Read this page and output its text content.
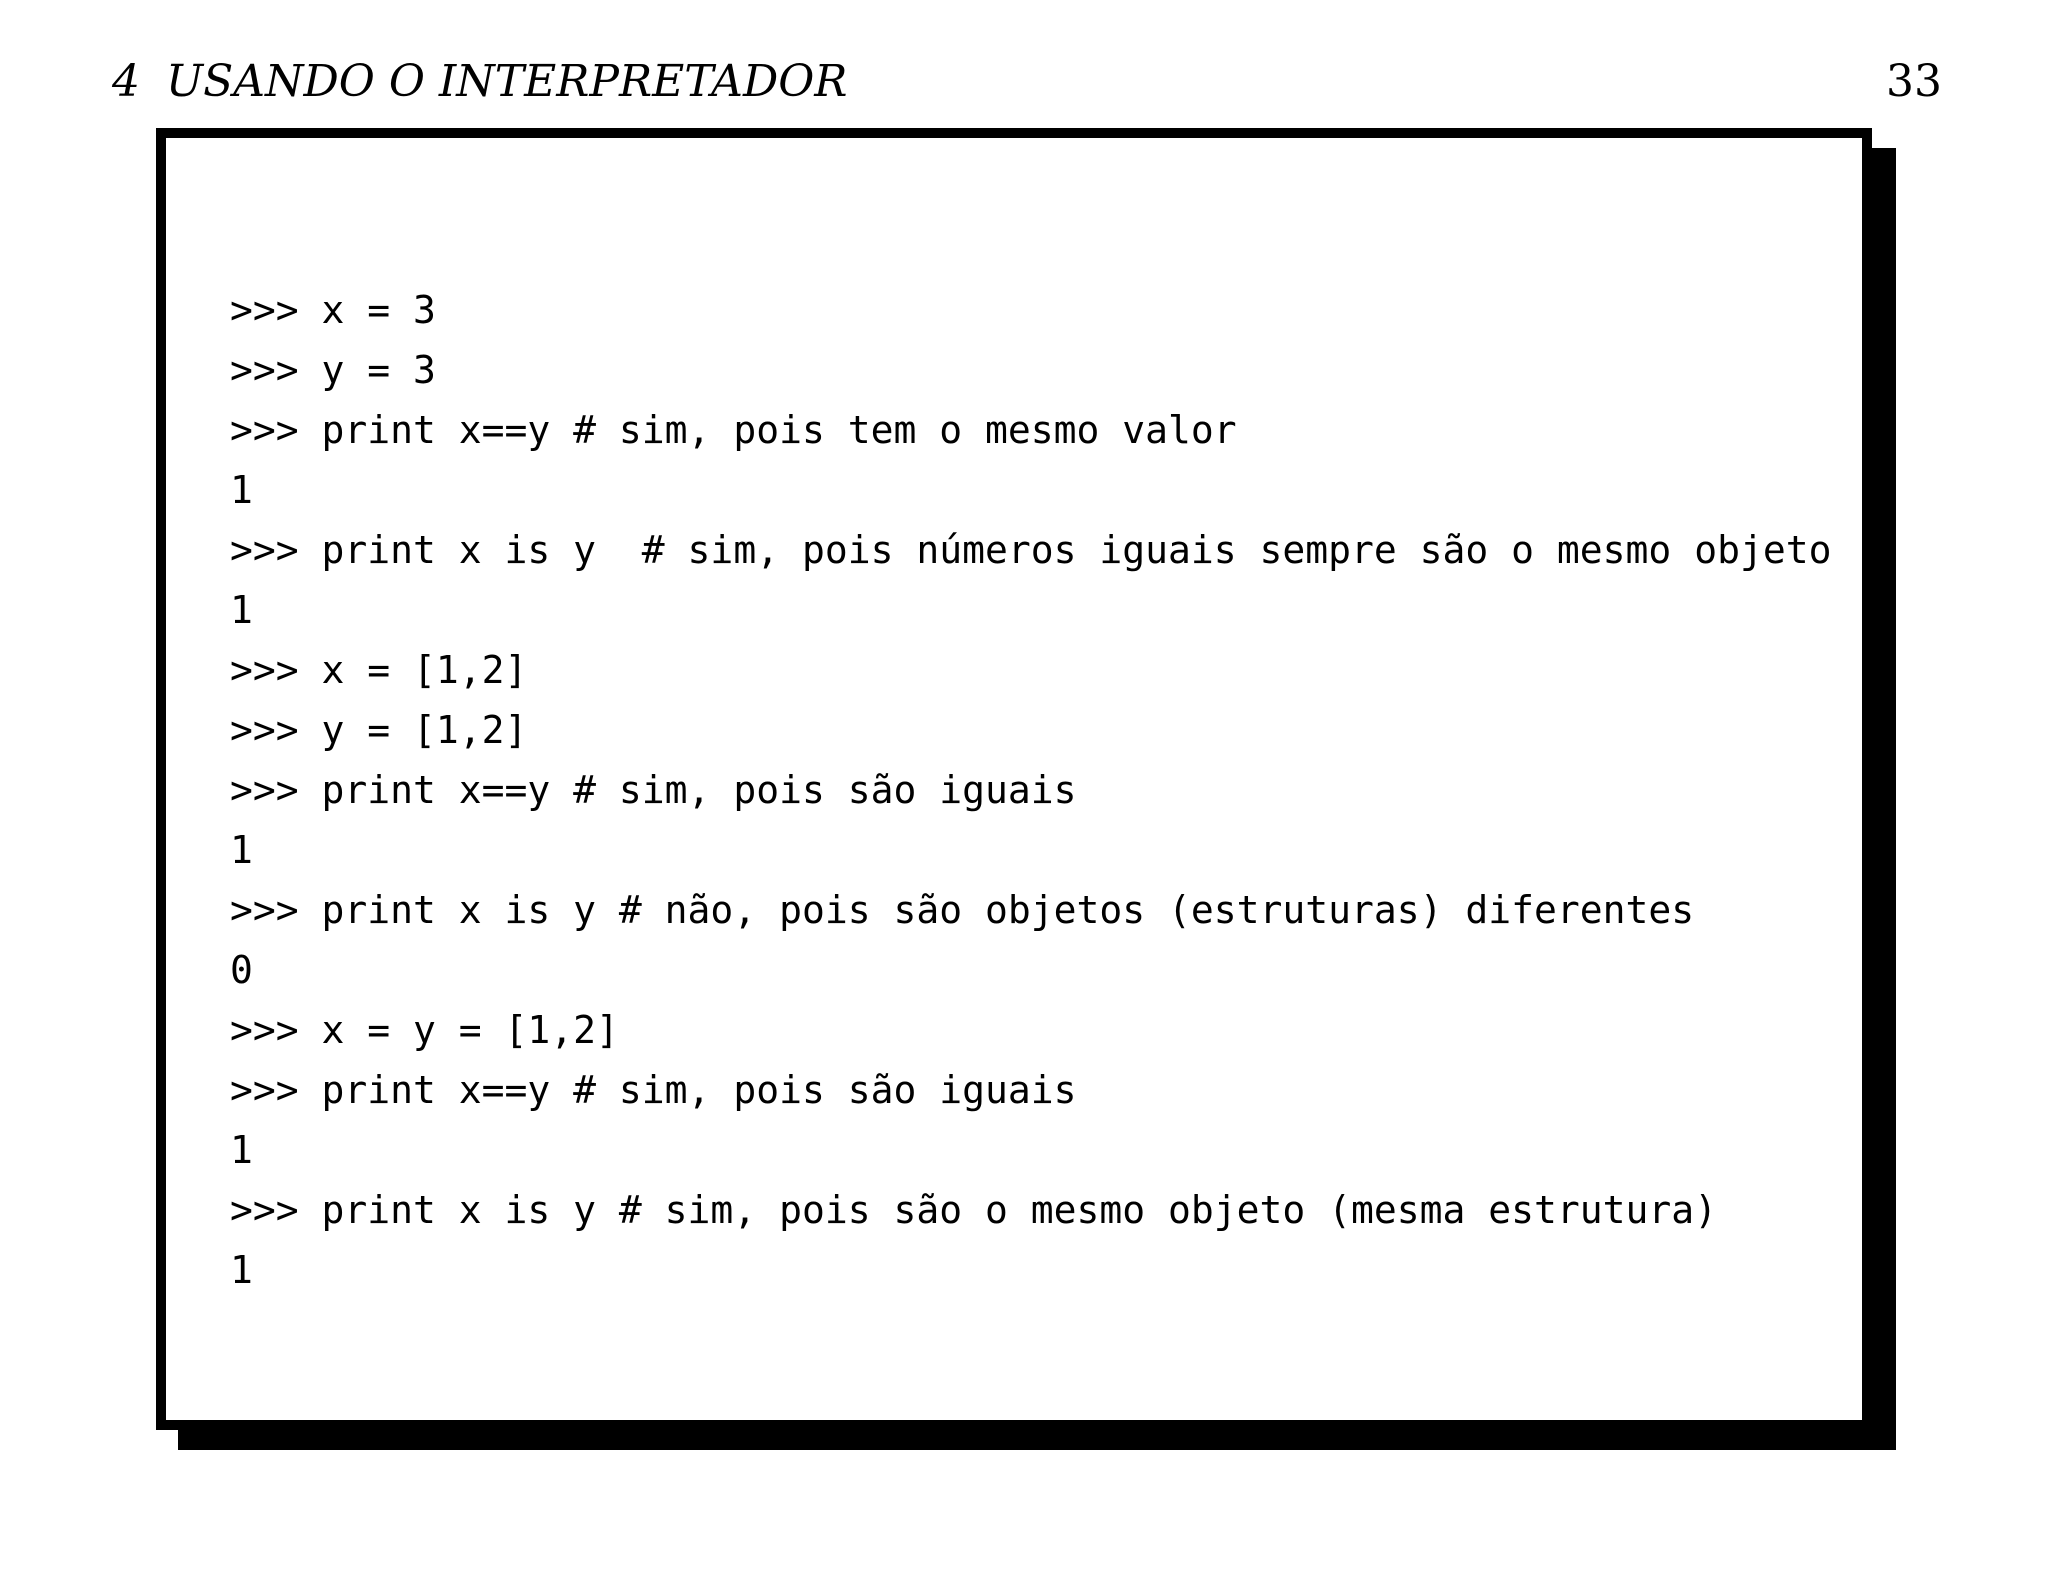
4 USANDO O INTERPRETADOR	33
>>> x = 3
>>> y = 3
>>> print x==y # sim, pois tem o mesmo valor
1
>>> print x is y  # sim, pois números iguais sempre são o mesmo objeto
1
>>> x = [1,2]
>>> y = [1,2]
>>> print x==y # sim, pois são iguais
1
>>> print x is y # não, pois são objetos (estruturas) diferentes
0
>>> x = y = [1,2]
>>> print x==y # sim, pois são iguais
1
>>> print x is y # sim, pois são o mesmo objeto (mesma estrutura)
1
